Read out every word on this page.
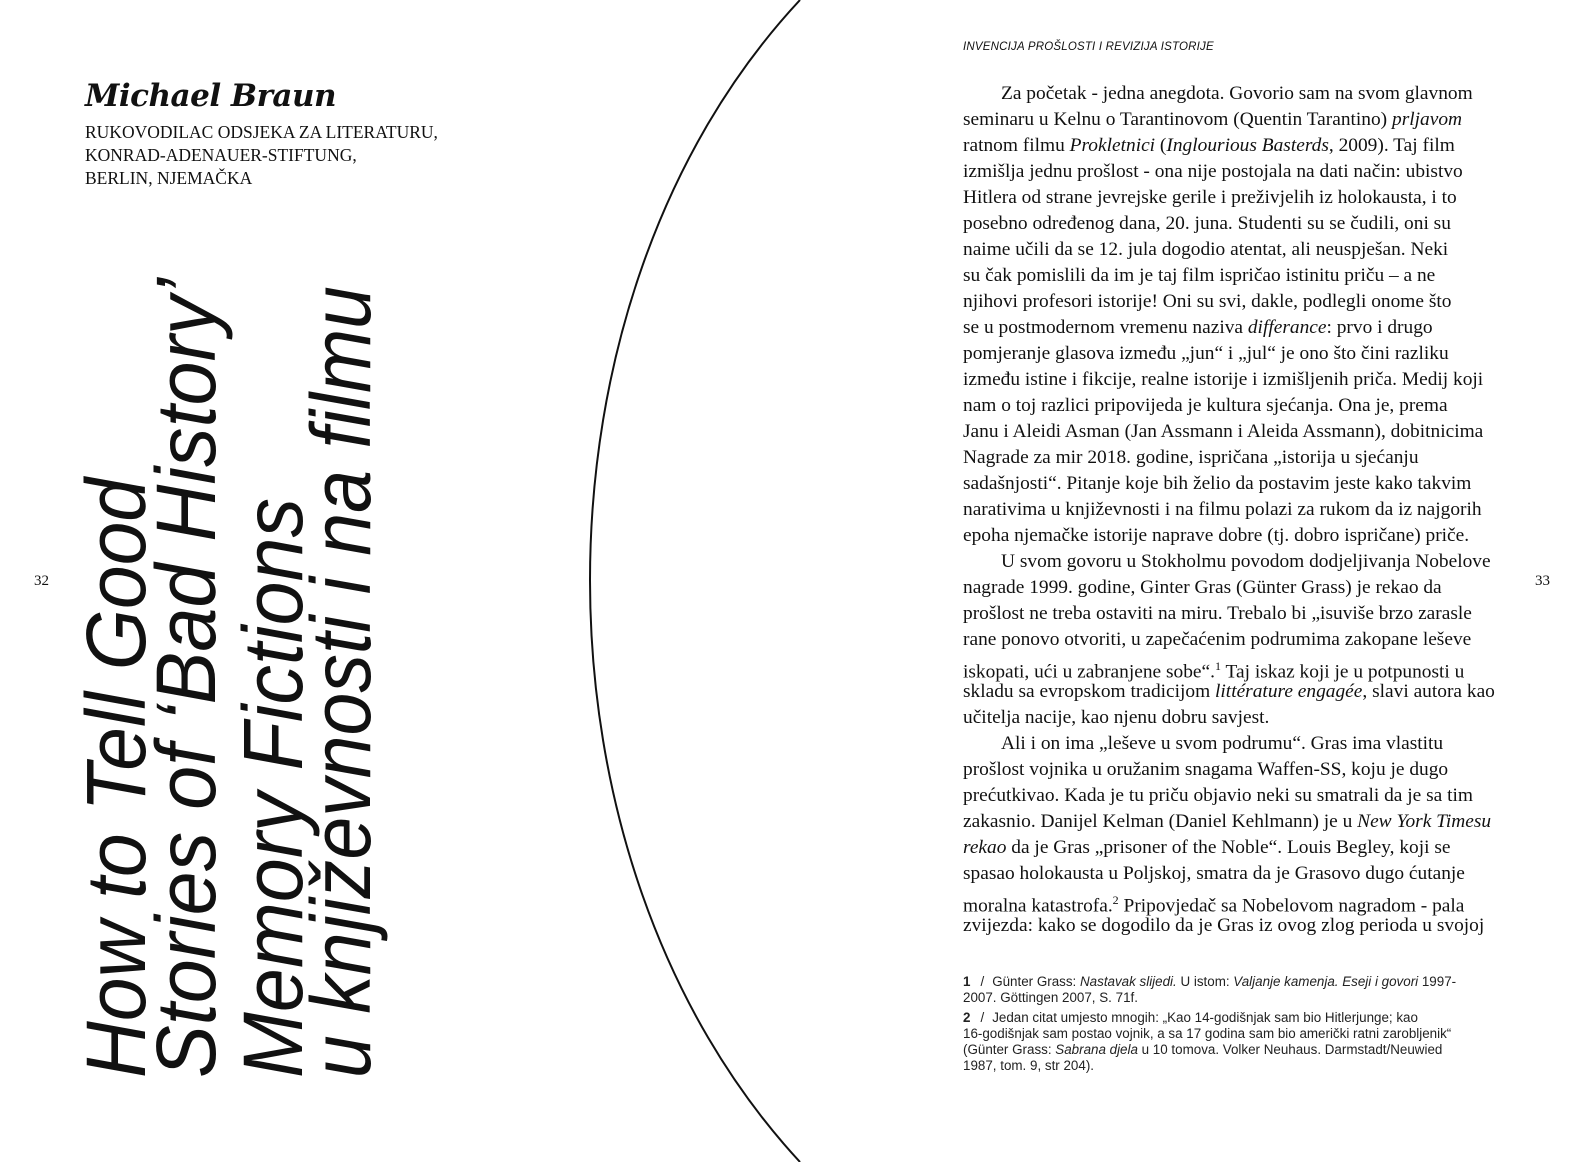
Michael Braun
RUKOVODILAC ODSJEKA ZA LITERATURU,
KONRAD-ADENAUER-STIFTUNG,
BERLIN, NJEMAČKA
How to Tell Good
Stories of ‘Bad History’
Memory Fictions
u književnosti i na filmu
32
INVENCIJA PROŠLOSTI I REVIZIJA ISTORIJE
Za početak - jedna anegdota. Govorio sam na svom glavnom
seminaru u Kelnu o Tarantinovom (Quentin Tarantino) prljavom
ratnom filmu Prokletnici (Inglourious Basterds, 2009). Taj film
izmišlja jednu prošlost - ona nije postojala na dati način: ubistvo
Hitlera od strane jevrejske gerile i preživjelih iz holokausta, i to
posebno određenog dana, 20. juna. Studenti su se čudili, oni su
naime učili da se 12. jula dogodio atentat, ali neuspješan. Neki
su čak pomislili da im je taj film ispričao istinitu priču – a ne
njihovi profesori istorije! Oni su svi, dakle, podlegli onome što
se u postmodernom vremenu naziva differance: prvo i drugo
pomjeranje glasova između „jun“ i „jul“ je ono što čini razliku
između istine i fikcije, realne istorije i izmišljenih priča. Medij koji
nam o toj razlici pripovijeda je kultura sjećanja. Ona je, prema
Janu i Aleidi Asman (Jan Assmann i Aleida Assmann), dobitnicima
Nagrade za mir 2018. godine, ispričana „istorija u sjećanju
sadašnjosti“. Pitanje koje bih želio da postavim jeste kako takvim
narativima u književnosti i na filmu polazi za rukom da iz najgorih
epoha njemačke istorije naprave dobre (tj. dobro ispričane) priče.
U svom govoru u Stokholmu povodom dodjeljivanja Nobelove
nagrade 1999. godine, Ginter Gras (Günter Grass) je rekao da
prošlost ne treba ostaviti na miru. Trebalo bi „isuviše brzo zarasle
rane ponovo otvoriti, u zapečaćenim podrumima zakopane leševe
iskopati, ući u zabranjene sobe“.$^1$ Taj iskaz koji je u potpunosti u
skladu sa evropskom tradicijom littérature engagée, slavi autora kao
učitelja nacije, kao njenu dobru savjest.
Ali i on ima „leševe u svom podrumu“. Gras ima vlastitu
prošlost vojnika u oružanim snagama Waffen-SS, koju je dugo
prećutkivao. Kada je tu priču objavio neki su smatrali da je sa tim
zakasnio. Danijel Kelman (Daniel Kehlmann) je u New York Timesu
rekao da je Gras „prisoner of the Noble“. Louis Begley, koji se
spasao holokausta u Poljskoj, smatra da je Grasovo dugo ćutanje
moralna katastrofa.$^2$ Pripovjedač sa Nobelovom nagradom - pala
zvijezda: kako se dogodilo da je Gras iz ovog zlog perioda u svojoj
1 / Günter Grass: Nastavak slijedi. U istom: Valjanje kamenja. Eseji i govori 1997-
2007. Göttingen 2007, S. 71f.
2 / Jedan citat umjesto mnogih: „Kao 14-godišnjak sam bio Hitlerjunge; kao
16-godišnjak sam postao vojnik, a sa 17 godina sam bio američki ratni zarobljenik“
(Günter Grass: Sabrana djela u 10 tomova. Volker Neuhaus. Darmstadt/Neuwied
1987, tom. 9, str 204).
33
